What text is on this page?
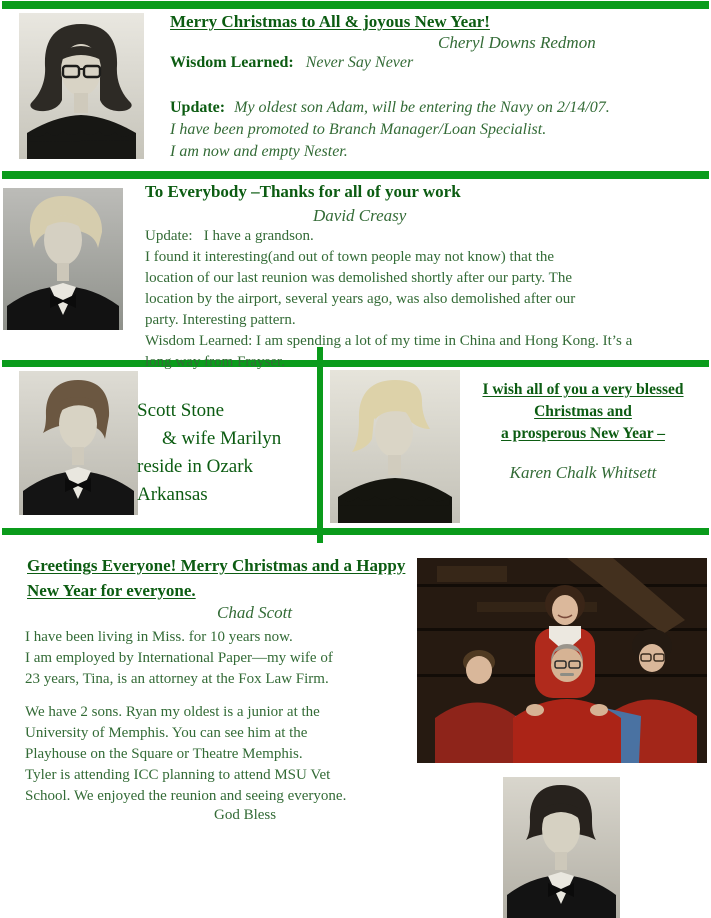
Merry Christmas to All & joyous New Year!
Cheryl Downs Redmon
Wisdom Learned: Never Say Never
Update: My oldest son Adam, will be entering the Navy on 2/14/07.
I have been promoted to Branch Manager/Loan Specialist.
I am now and empty Nester.
To Everybody –Thanks for all of your work
David Creasy
Update:   I have a grandson.
I found it interesting(and out of town people may not know) that the
location of our last reunion was demolished shortly after our party. The
location by the airport, several years ago, was also demolished after our
party. Interesting pattern.
Wisdom Learned: I am spending a lot of my time in China and Hong Kong. It’s a
long way from Frayser.
Scott Stone
& wife Marilyn
reside in Ozark
Arkansas
I wish all of you a very blessed
Christmas and
a prosperous New Year –
Karen Chalk Whitsett
Greetings Everyone! Merry Christmas and a Happy
New Year for everyone.
Chad Scott
I have been living in Miss. for 10 years now.
I am employed by International Paper—my wife of
23 years, Tina, is an attorney at the Fox Law Firm.
We have 2 sons. Ryan my oldest is a junior at the
University of Memphis. You can see him at the
Playhouse on the Square or Theatre Memphis.
Tyler is attending ICC planning to attend MSU Vet
School. We enjoyed the reunion and seeing everyone.
God Bless
